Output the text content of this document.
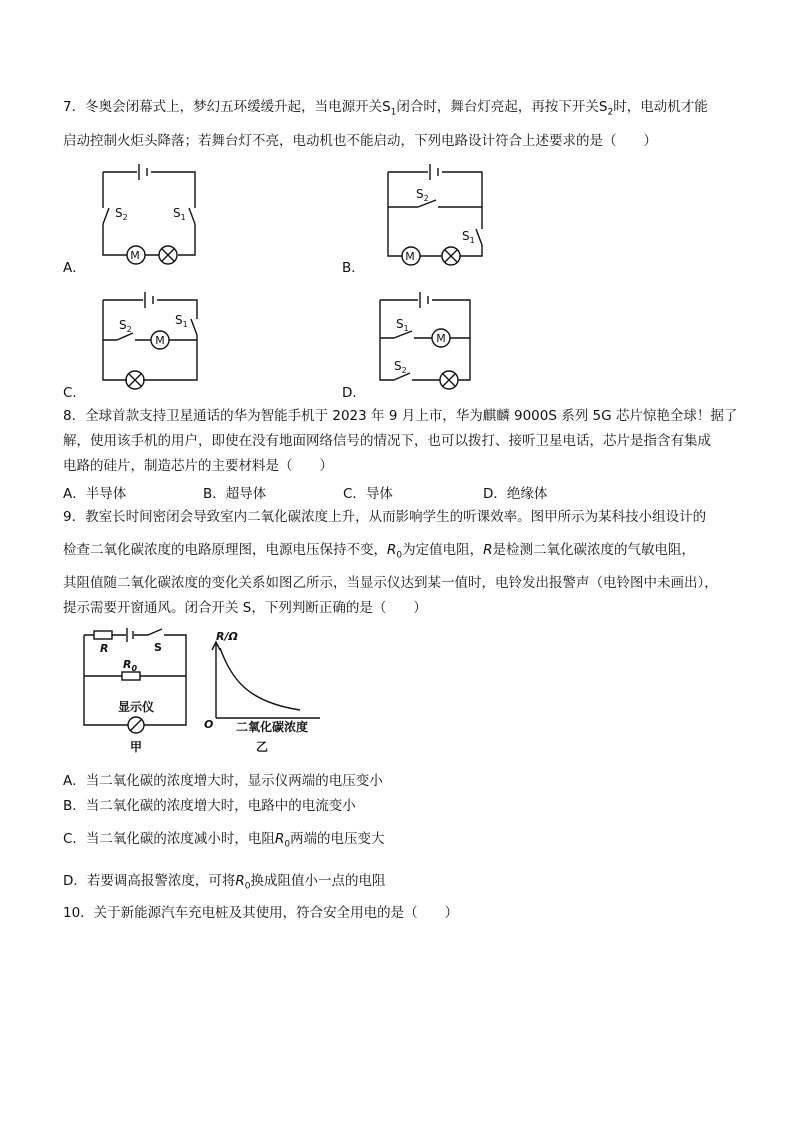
7．冬奥会闭幕式上，梦幻五环缓缓升起，当电源开关$S_1$闭合时，舞台灯亮起，再按下开关$S_2$时，电动机才能
启动控制火炬头降落；若舞台灯不亮，电动机也不能启动，下列电路设计符合上述要求的是（　　）
A．
M
$S_2$	$S_1$
B．
M
$S_2$
$S_1$
C．
M
$S_2$
$S_1$
D．
M
$S_1$
$S_2$
8．全球首款支持卫星通话的华为智能手机于 2023 年 9 月上市，华为麒麟 9000S 系列 5G 芯片惊艳全球！据了
解，使用该手机的用户，即使在没有地面网络信号的情况下，也可以拨打、接听卫星电话，芯片是指含有集成
电路的硅片，制造芯片的主要材料是（　　）
A．半导体	B．超导体	C．导体	D．绝缘体
9．教室长时间密闭会导致室内二氧化碳浓度上升，从而影响学生的听课效率。图甲所示为某科技小组设计的
检查二氧化碳浓度的电路原理图，电源电压保持不变，$R_0$为定值电阻，R是检测二氧化碳浓度的气敏电阻，
其阻值随二氧化碳浓度的变化关系如图乙所示，当显示仪达到某一值时，电铃发出报警声（电铃图中未画出），
提示需要开窗通风。闭合开关 S，下列判断正确的是（　　）
R	S
$R_0$
显示仪
甲
R/Ω
O 二氧化碳浓度
乙
A．当二氧化碳的浓度增大时，显示仪两端的电压变小
B．当二氧化碳的浓度增大时，电路中的电流变小
C．当二氧化碳的浓度减小时，电阻$R_0$两端的电压变大
D．若要调高报警浓度，可将$R_0$换成阻值小一点的电阻
10．关于新能源汽车充电桩及其使用，符合安全用电的是（　　）
